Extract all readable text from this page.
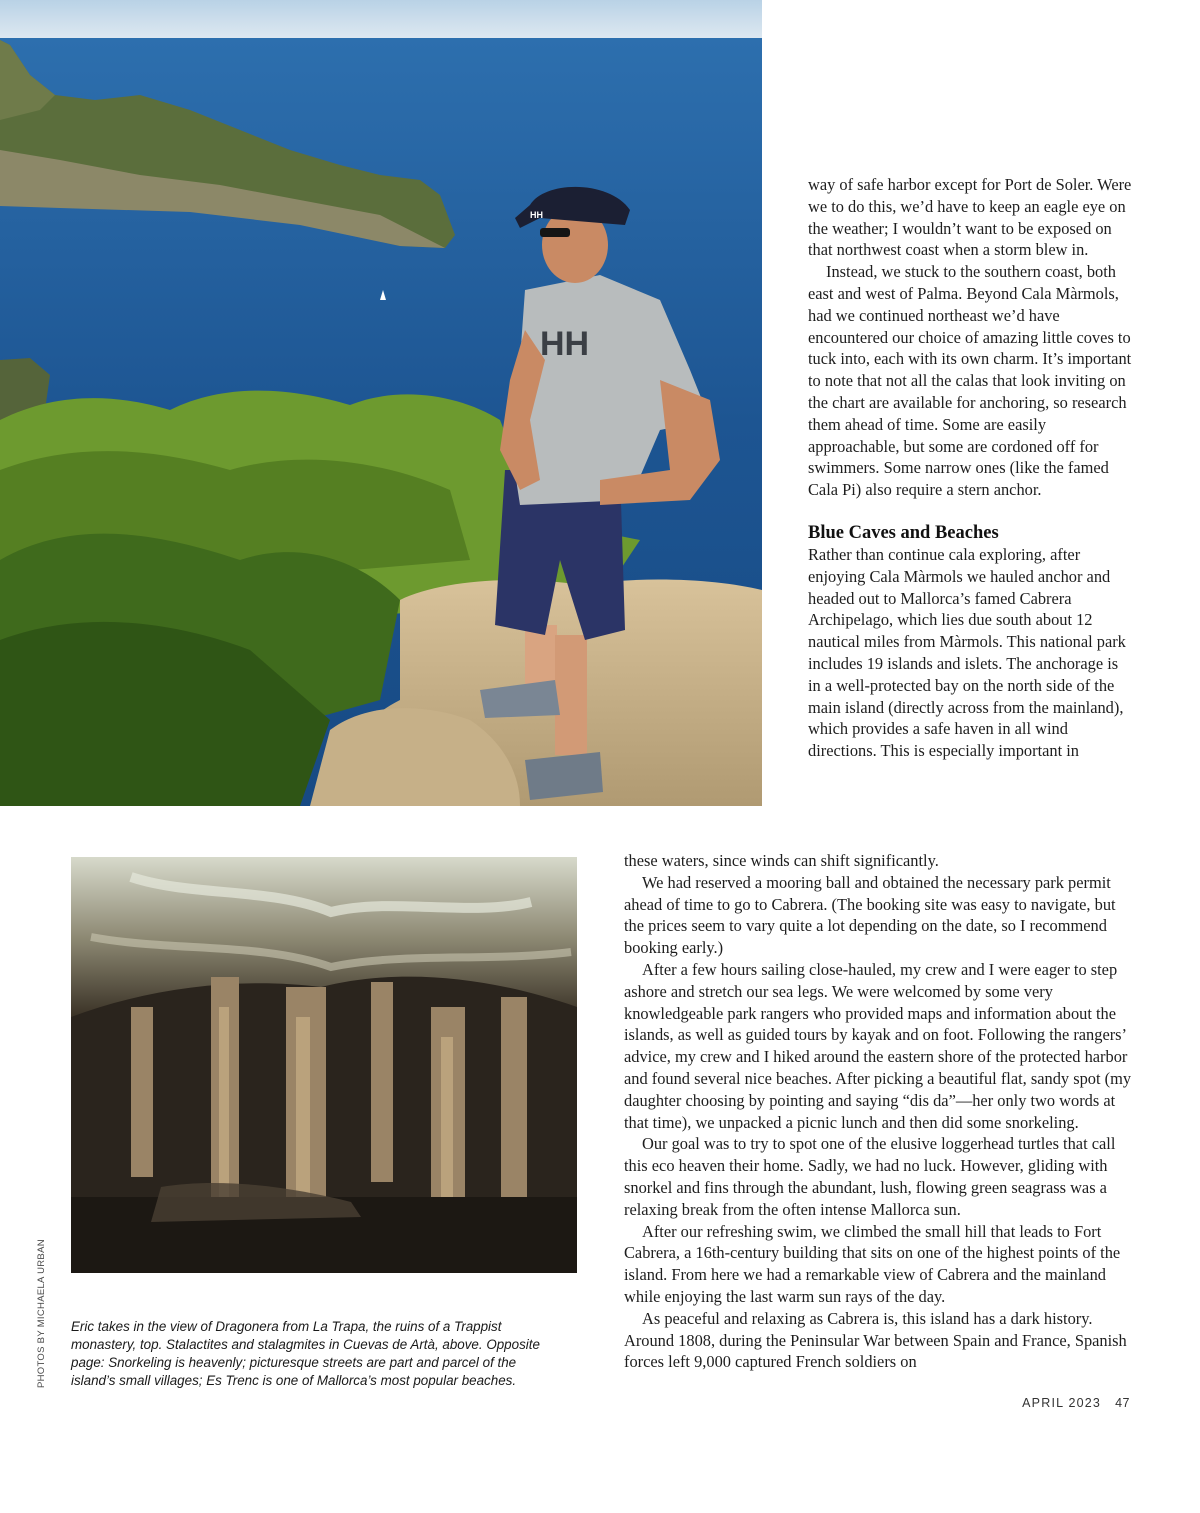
HH
HH

way of safe harbor except for Port de Soler. Were we to do this, we’d have to keep an eagle eye on the weather; I wouldn’t want to be exposed on that northwest coast when a storm blew in.

Instead, we stuck to the southern coast, both east and west of Palma. Beyond Cala Màrmols, had we continued northeast we’d have encountered our choice of amazing little coves to tuck into, each with its own charm. It’s important to note that not all the calas that look inviting on the chart are available for anchoring, so research them ahead of time. Some are easily approachable, but some are cordoned off for swimmers. Some narrow ones (like the famed Cala Pi) also require a stern anchor.

Blue Caves and Beaches

Rather than continue cala exploring, after enjoying Cala Màrmols we hauled anchor and headed out to Mallorca’s famed Cabrera Archipelago, which lies due south about 12 nautical miles from Màrmols. This national park includes 19 islands and islets. The anchorage is in a well-protected bay on the north side of the main island (directly across from the mainland), which provides a safe haven in all wind directions. This is especially important in

these waters, since winds can shift significantly.

We had reserved a mooring ball and obtained the necessary park permit ahead of time to go to Cabrera. (The booking site was easy to navigate, but the prices seem to vary quite a lot depending on the date, so I recommend booking early.)

After a few hours sailing close-hauled, my crew and I were eager to step ashore and stretch our sea legs. We were welcomed by some very knowledgeable park rangers who provided maps and information about the islands, as well as guided tours by kayak and on foot. Following the rangers’ advice, my crew and I hiked around the eastern shore of the protected harbor and found several nice beaches. After picking a beautiful flat, sandy spot (my daughter choosing by pointing and saying “dis da”—her only two words at that time), we unpacked a picnic lunch and then did some snorkeling.

Our goal was to try to spot one of the elusive loggerhead turtles that call this eco heaven their home. Sadly, we had no luck. However, gliding with snorkel and fins through the abundant, lush, flowing green seagrass was a relaxing break from the often intense Mallorca sun.

After our refreshing swim, we climbed the small hill that leads to Fort Cabrera, a 16th-century building that sits on one of the highest points of the island. From here we had a remarkable view of Cabrera and the mainland while enjoying the last warm sun rays of the day.

As peaceful and relaxing as Cabrera is, this island has a dark history. Around 1808, during the Peninsular War between Spain and France, Spanish forces left 9,000 captured French soldiers on

Eric takes in the view of Dragonera from La Trapa, the ruins of a Trappist monastery, top. Stalactites and stalagmites in Cuevas de Artà, above. Opposite page: Snorkeling is heavenly; picturesque streets are part and parcel of the island’s small villages; Es Trenc is one of Mallorca’s most popular beaches.
PHOTOS BY MICHAELA URBAN
APRIL 2023 47
